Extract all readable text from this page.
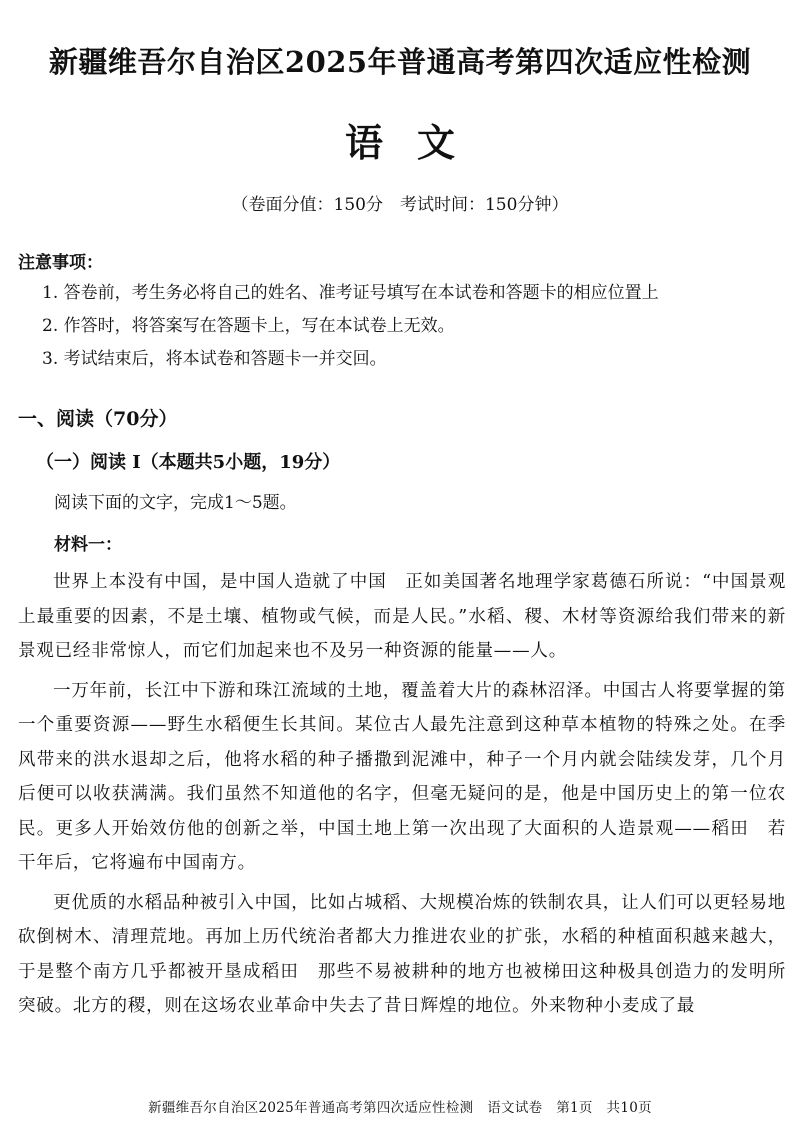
新疆维吾尔自治区2025年普通高考第四次适应性检测
语文
（卷面分值：150分　考试时间：150分钟）
注意事项：
1. 答卷前，考生务必将自己的姓名、准考证号填写在本试卷和答题卡的相应位置上
2. 作答时，将答案写在答题卡上，写在本试卷上无效。
3. 考试结束后，将本试卷和答题卡一并交回。
一、阅读（70分）
（一）阅读 I（本题共5小题，19分）
阅读下面的文字，完成1～5题。
材料一：

世界上本没有中国，是中国人造就了中国　正如美国著名地理学家葛德石所说：“中国景观上最重要的因素，不是土壤、植物或气候，而是人民。”水稻、稷、木材等资源给我们带来的新景观已经非常惊人，而它们加起来也不及另一种资源的能量——人。

一万年前，长江中下游和珠江流域的土地，覆盖着大片的森林沼泽。中国古人将要掌握的第一个重要资源——野生水稻便生长其间。某位古人最先注意到这种草本植物的特殊之处。在季风带来的洪水退却之后，他将水稻的种子播撒到泥滩中，种子一个月内就会陆续发芽，几个月后便可以收获满满。我们虽然不知道他的名字，但毫无疑问的是，他是中国历史上的第一位农民。更多人开始效仿他的创新之举，中国土地上第一次出现了大面积的人造景观——稻田　若干年后，它将遍布中国南方。

更优质的水稻品种被引入中国，比如占城稻、大规模冶炼的铁制农具，让人们可以更轻易地砍倒树木、清理荒地。再加上历代统治者都大力推进农业的扩张，水稻的种植面积越来越大，于是整个南方几乎都被开垦成稻田　那些不易被耕种的地方也被梯田这种极具创造力的发明所突破。北方的稷，则在这场农业革命中失去了昔日辉煌的地位。外来物种小麦成了最

新疆维吾尔自治区2025年普通高考第四次适应性检测　语文试卷　第1页　共10页
